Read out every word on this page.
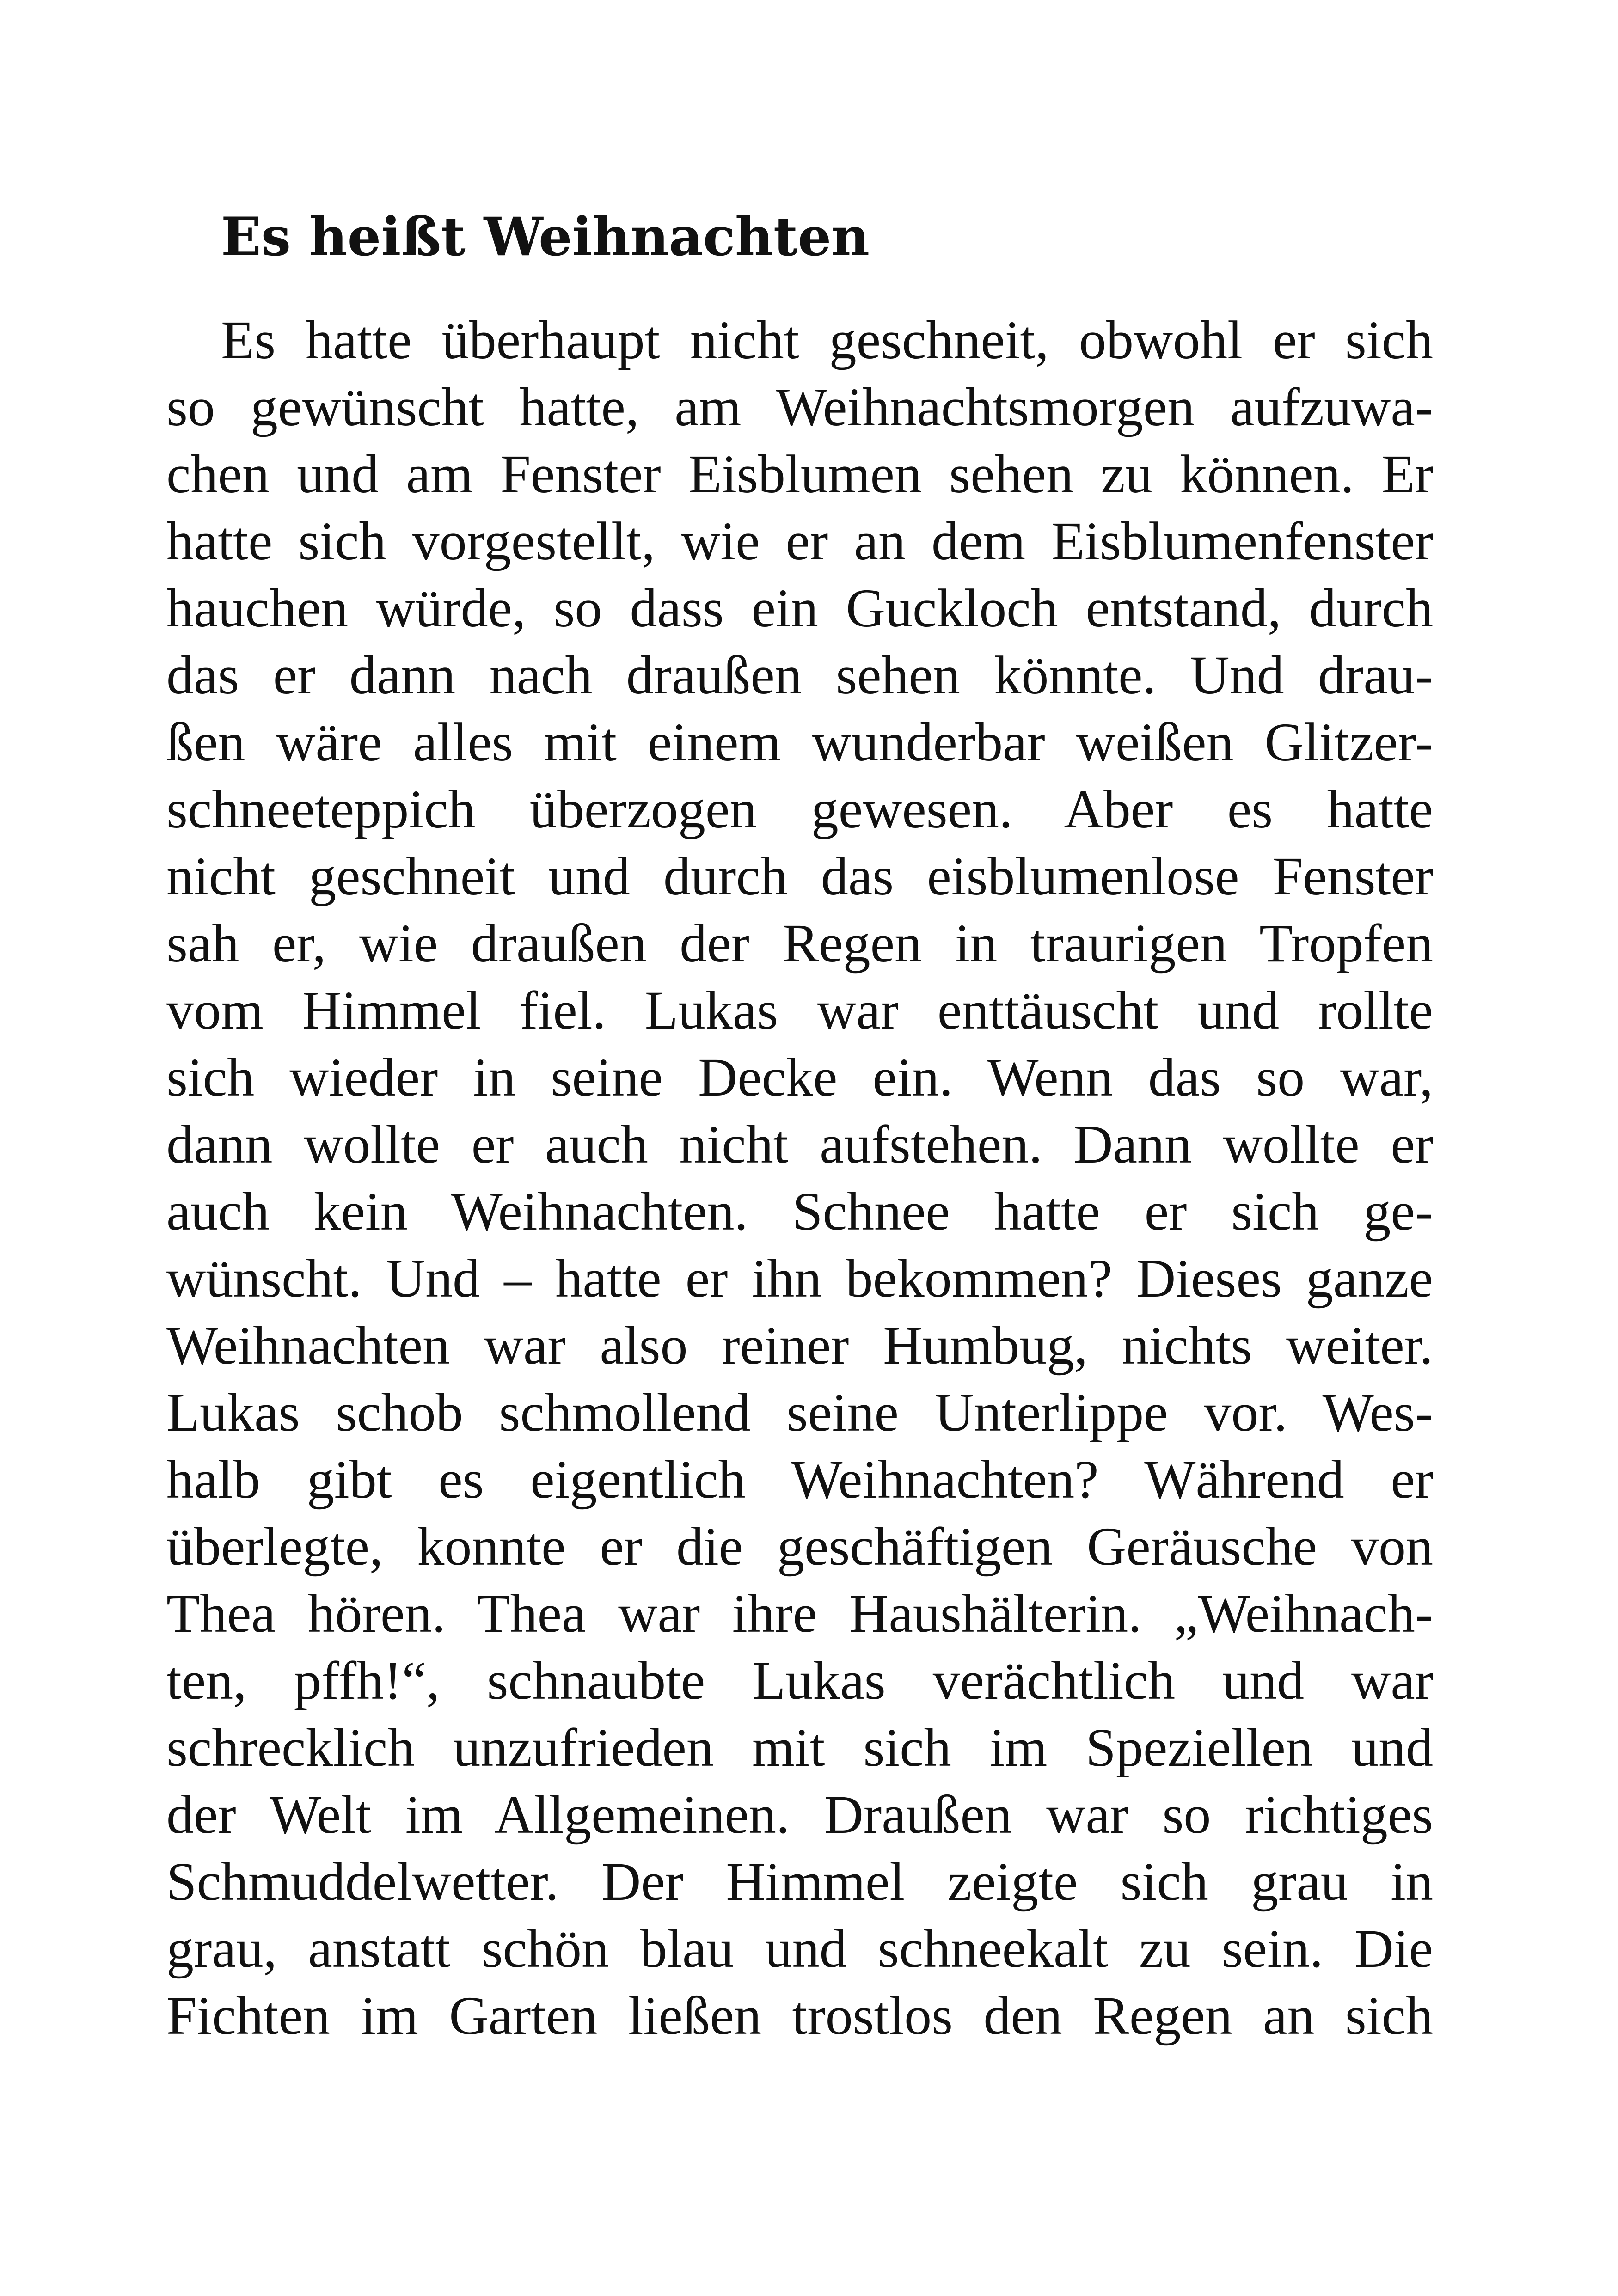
Es heißt Weihnachten
Es hatte überhaupt nicht geschneit, obwohl er sich
so gewünscht hatte, am Weihnachtsmorgen aufzuwa-
chen und am Fenster Eisblumen sehen zu können. Er
hatte sich vorgestellt, wie er an dem Eisblumenfenster
hauchen würde, so dass ein Guckloch entstand, durch
das er dann nach draußen sehen könnte. Und drau-
ßen wäre alles mit einem wunderbar weißen Glitzer-
schneeteppich überzogen gewesen. Aber es hatte
nicht geschneit und durch das eisblumenlose Fenster
sah er, wie draußen der Regen in traurigen Tropfen
vom Himmel fiel. Lukas war enttäuscht und rollte
sich wieder in seine Decke ein. Wenn das so war,
dann wollte er auch nicht aufstehen. Dann wollte er
auch kein Weihnachten. Schnee hatte er sich ge-
wünscht. Und – hatte er ihn bekommen? Dieses ganze
Weihnachten war also reiner Humbug, nichts weiter.
Lukas schob schmollend seine Unterlippe vor. Wes-
halb gibt es eigentlich Weihnachten? Während er
überlegte, konnte er die geschäftigen Geräusche von
Thea hören. Thea war ihre Haushälterin. „Weihnach-
ten, pffh!“, schnaubte Lukas verächtlich und war
schrecklich unzufrieden mit sich im Speziellen und
der Welt im Allgemeinen. Draußen war so richtiges
Schmuddelwetter. Der Himmel zeigte sich grau in
grau, anstatt schön blau und schneekalt zu sein. Die
Fichten im Garten ließen trostlos den Regen an sich
